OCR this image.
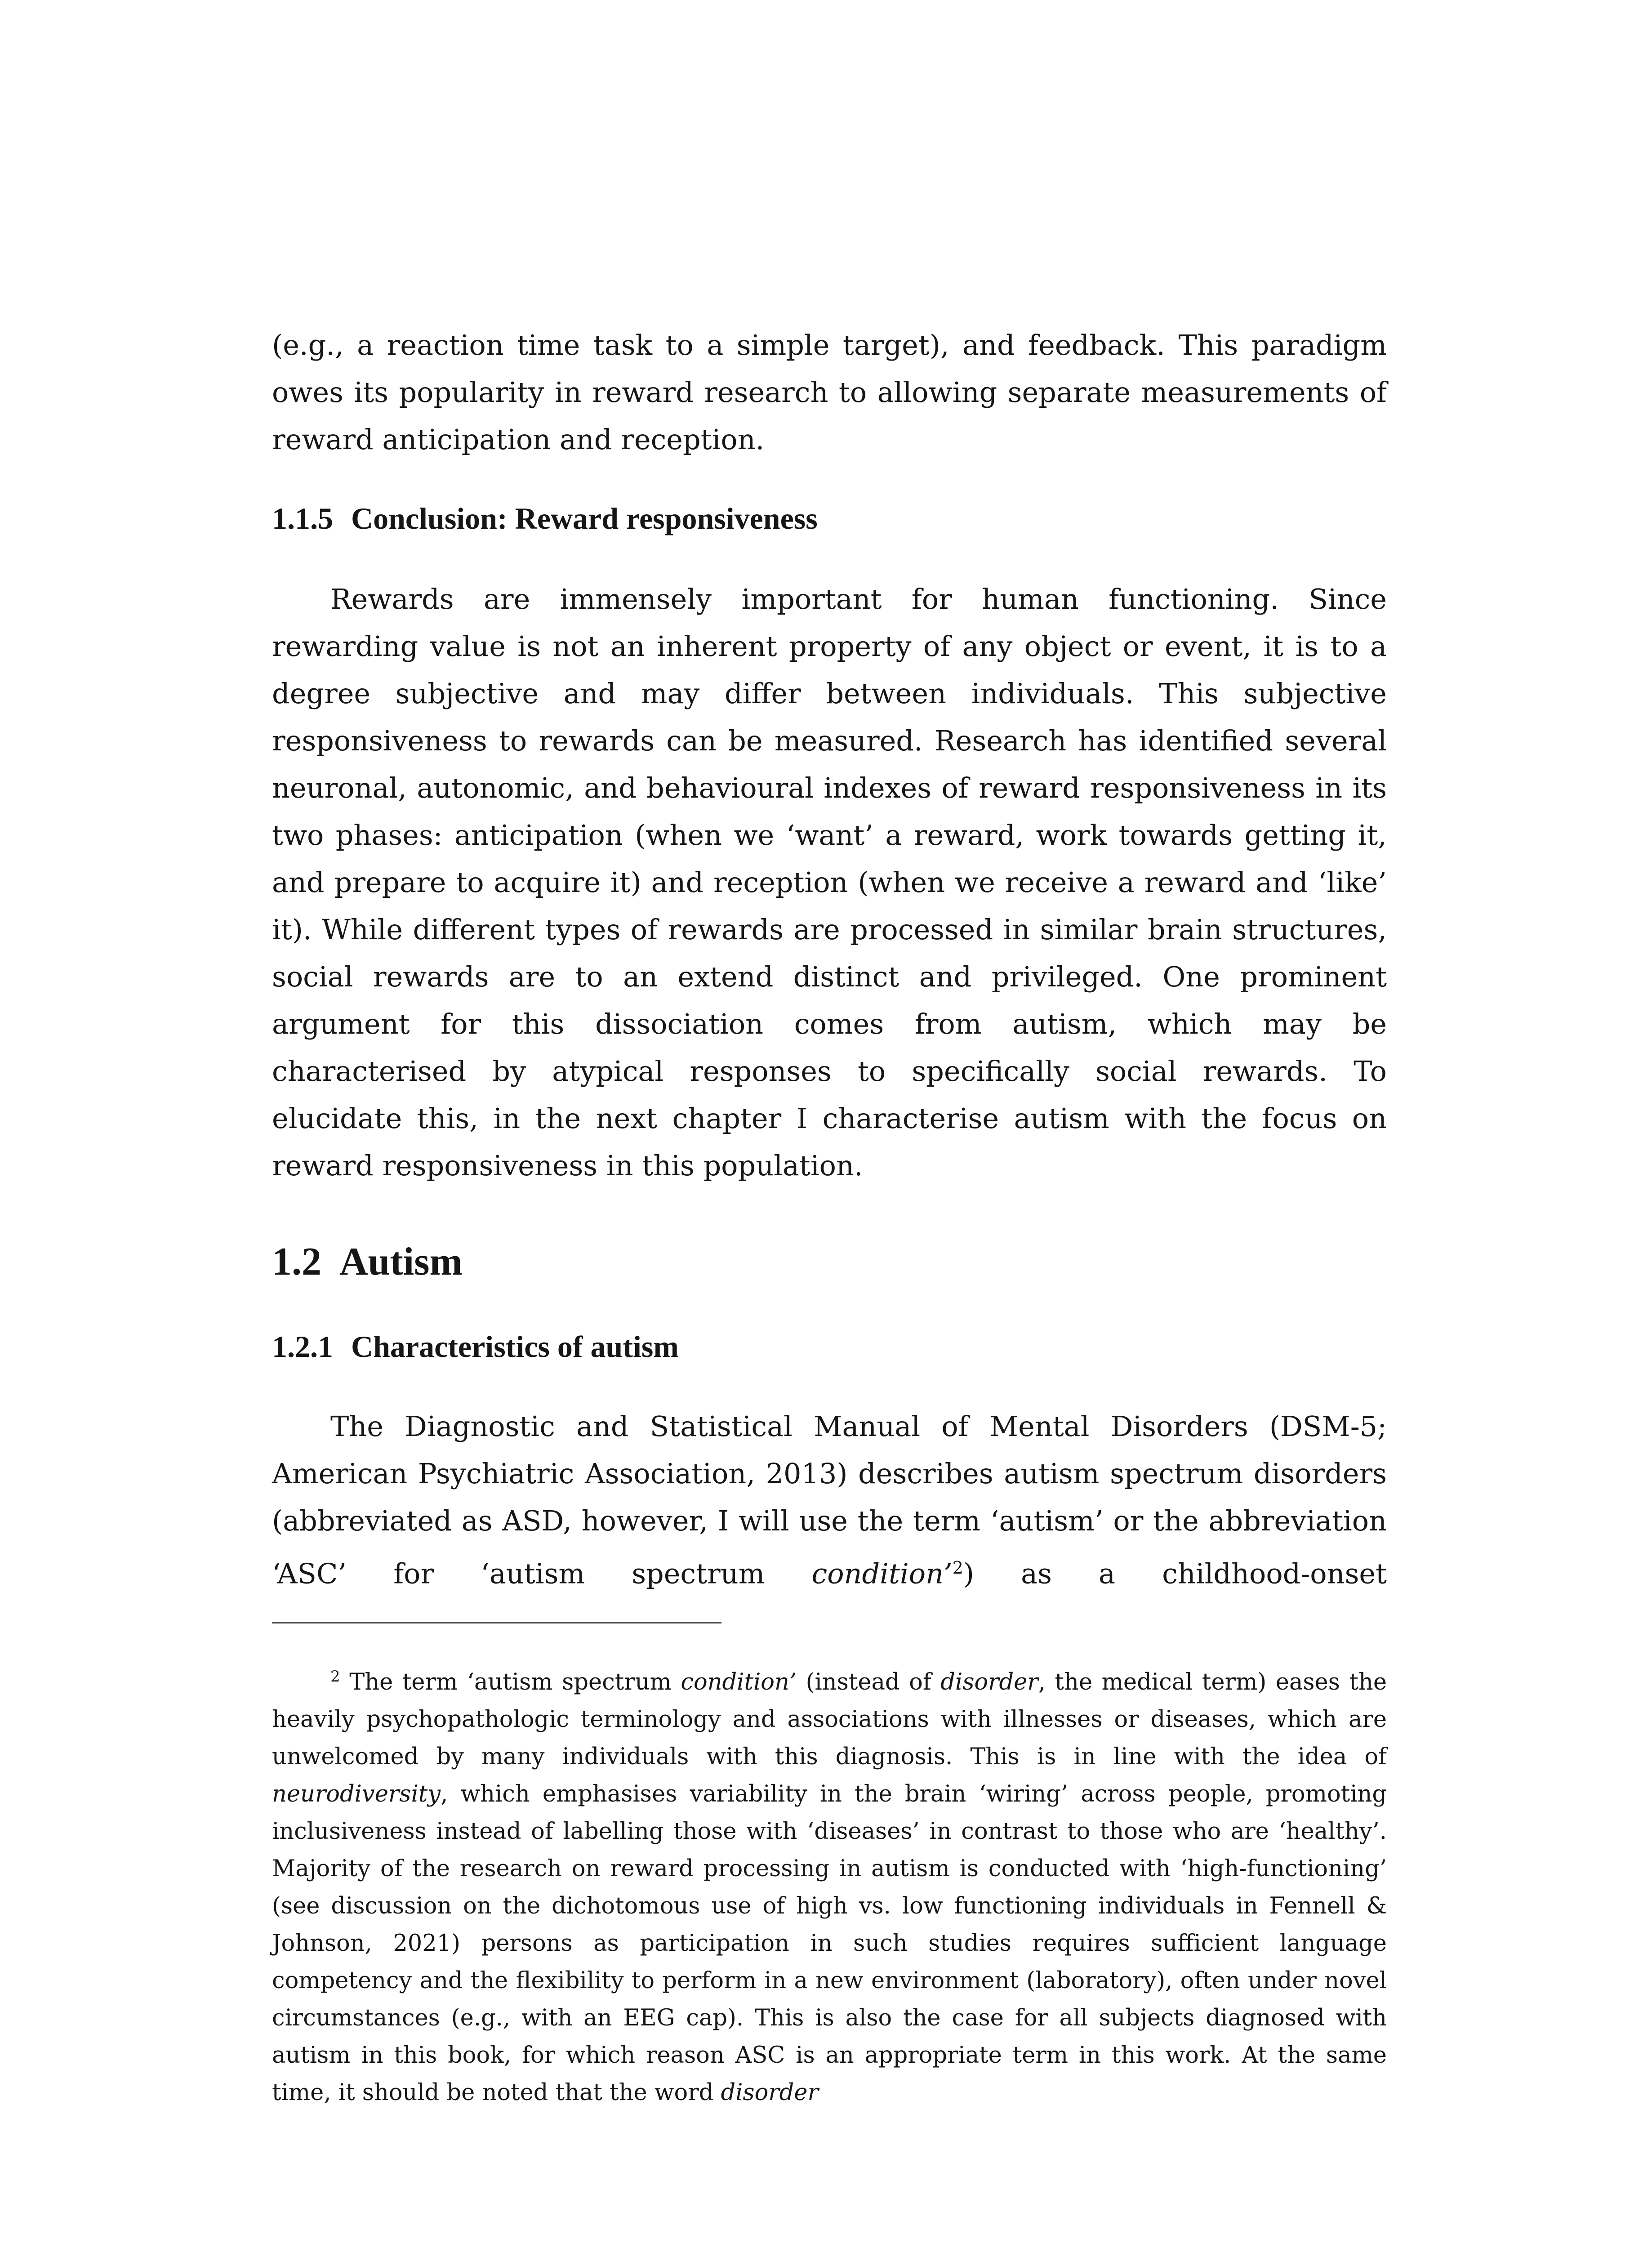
(e.g., a reaction time task to a simple target), and feedback. This paradigm owes its popularity in reward research to allowing separate measurements of reward anticipation and reception.

1.1.5 Conclusion: Reward responsiveness

Rewards are immensely important for human functioning. Since rewarding value is not an inherent property of any object or event, it is to a degree subjective and may differ between individuals. This subjective responsiveness to rewards can be measured. Research has identified several neuronal, autonomic, and behavioural indexes of reward responsiveness in its two phases: anticipation (when we ‘want’ a reward, work towards getting it, and prepare to acquire it) and reception (when we receive a reward and ‘like’ it). While different types of rewards are processed in similar brain structures, social rewards are to an extend distinct and privileged. One prominent argument for this dissociation comes from autism, which may be characterised by atypical responses to specifically social rewards. To elucidate this, in the next chapter I characterise autism with the focus on reward responsiveness in this population.

1.2 Autism
1.2.1 Characteristics of autism

The Diagnostic and Statistical Manual of Mental Disorders (DSM-5; American Psychiatric Association, 2013) describes autism spectrum disorders (abbreviated as ASD, however, I will use the term ‘autism’ or the abbreviation ‘ASC’ for ‘autism spectrum condition’$^2$) as a childhood-onset

$^2$ The term ‘autism spectrum condition’ (instead of disorder, the medical term) eases the heavily psychopathologic terminology and associations with illnesses or diseases, which are unwelcomed by many individuals with this diagnosis. This is in line with the idea of neurodiversity, which emphasises variability in the brain ‘wiring’ across people, promoting inclusiveness instead of labelling those with ‘diseases’ in contrast to those who are ‘healthy’. Majority of the research on reward processing in autism is conducted with ‘high-functioning’ (see discussion on the dichotomous use of high vs. low functioning individuals in Fennell & Johnson, 2021) persons as participation in such studies requires sufficient language competency and the flexibility to perform in a new environment (laboratory), often under novel circumstances (e.g., with an EEG cap). This is also the case for all subjects diagnosed with autism in this book, for which reason ASC is an appropriate term in this work. At the same time, it should be noted that the word disorder
